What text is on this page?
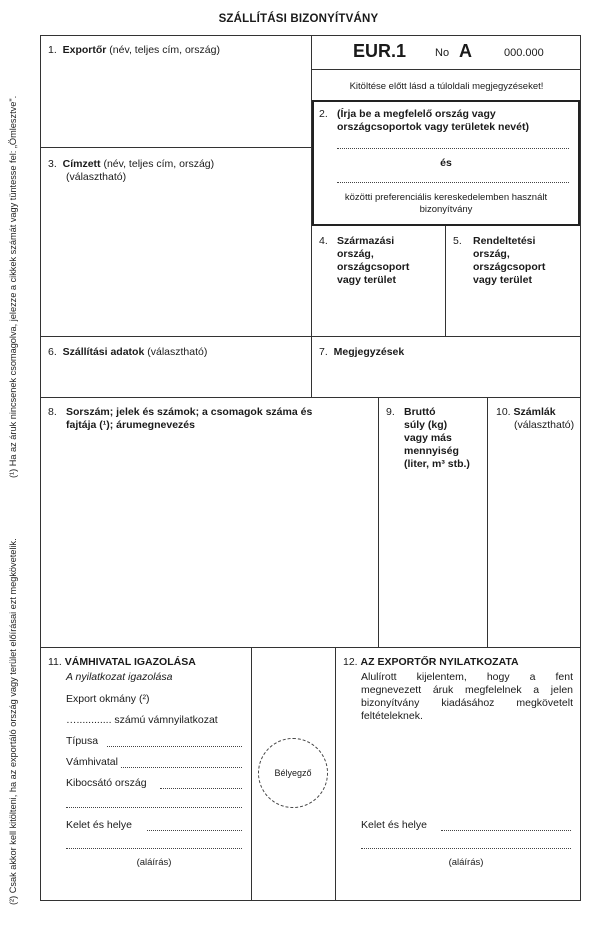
SZÁLLÍTÁSI BIZONYÍTVÁNY
(¹) Ha az áruk nincsenek csomagolva, jelezze a cikkek számát vagy tüntesse fel: „Ömlesztve".
(²) Csak akkor kell kitölteni, ha az exportáló ország vagy terület előírásai ezt megkövetelik.
1. Exportőr (név, teljes cím, ország)	EUR.1	No A	000.000
Kitöltése előtt lásd a túloldali megjegyzéseket!
2. (Írja be a megfelelő ország vagy
országcsoportok vagy területek nevét)
és
közötti preferenciális kereskedelemben használt
bizonyítvány
3. Címzett (név, teljes cím, ország)
(választható)
4. Származási
ország,
országcsoport
vagy terület
5. Rendeltetési
ország,
országcsoport
vagy terület
6. Szállítási adatok (választható)	7. Megjegyzések
8. Sorszám; jelek és számok; a csomagok száma és
fajtája (¹); árumegnevezés
9. Bruttó
súly (kg)
vagy más
mennyiség
(liter, m³ stb.)
10. Számlák
(választható)
11. VÁMHIVATAL IGAZOLÁSA
A nyilatkozat igazolása
Export okmány (²)
…............ számú vámnyilatkozat
Típusa
Vámhivatal
Kibocsátó ország
Kelet és helye
(aláírás)
Bélyegző
12. AZ EXPORTŐR NYILATKOZATA
Alulírott kijelentem, hogy a fent
megnevezett áruk megfelelnek a jelen
bizonyítvány kiadásához megkövetelt
feltételeknek.
Kelet és helye
(aláírás)
